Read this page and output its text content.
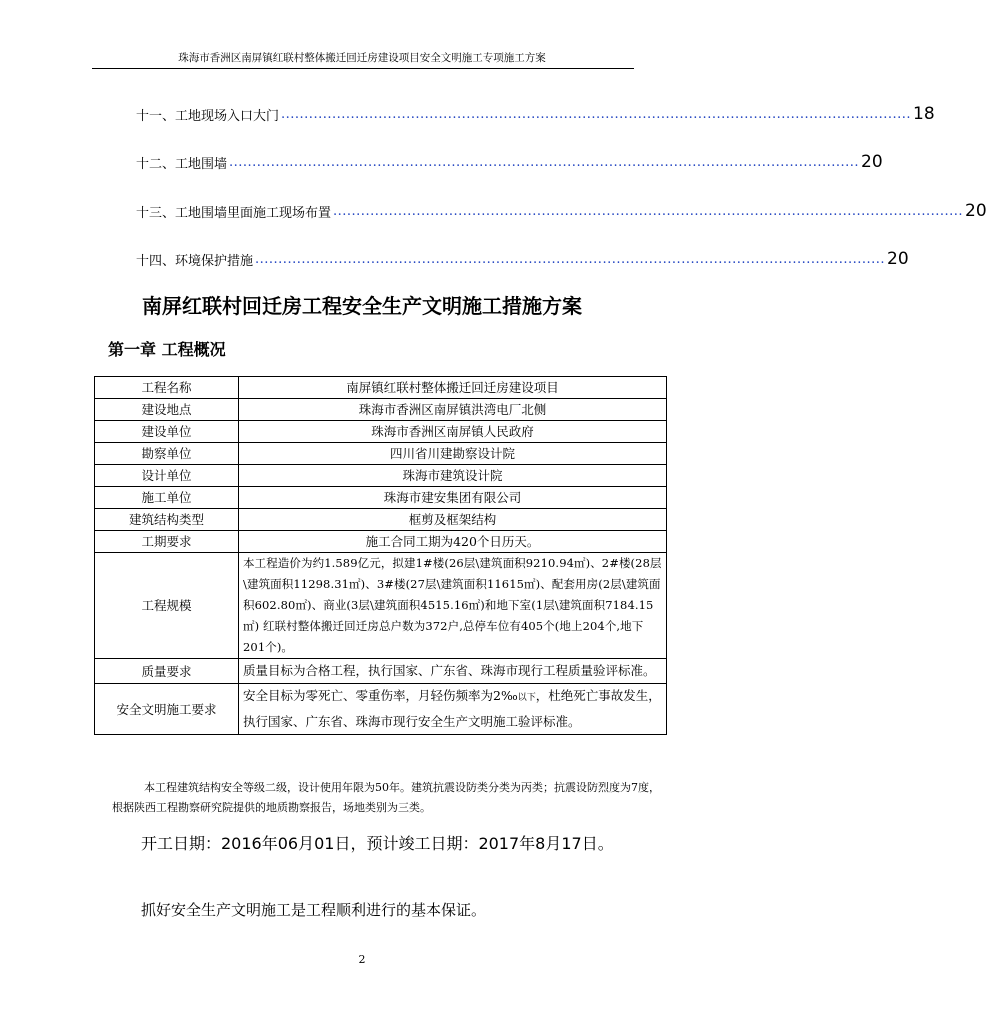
珠海市香洲区南屏镇红联村整体搬迁回迁房建设项目安全文明施工专项施工方案
十一、工地现场入口大门 ........................................................................................................................................ 18
十二、工地围墙 ........................................................................................................................................ 20
十三、工地围墙里面施工现场布置 ........................................................................................................................................ 20
十四、环境保护措施 ........................................................................................................................................ 20
南屏红联村回迁房工程安全生产文明施工措施方案
第一章 工程概况
工程名称	南屏镇红联村整体搬迁回迁房建设项目
建设地点	珠海市香洲区南屏镇洪湾电厂北侧
建设单位	珠海市香洲区南屏镇人民政府
勘察单位	四川省川建勘察设计院
设计单位	珠海市建筑设计院
施工单位	珠海市建安集团有限公司
建筑结构类型	框剪及框架结构
工期要求	施工合同工期为420个日历天。
工程规模	本工程造价为约1.589亿元，拟建1#楼(26层\建筑面积9210.94㎡)、2#楼(28层\建筑面积11298.31㎡)、3#楼(27层\建筑面积11615㎡)、配套用房(2层\建筑面积602.80㎡)、商业(3层\建筑面积4515.16㎡)和地下室(1层\建筑面积7184.15㎡) 红联村整体搬迁回迁房总户数为372户,总停车位有405个(地上204个,地下201个)。
质量要求	质量目标为合格工程，执行国家、广东省、珠海市现行工程质量验评标准。
安全文明施工要求	安全目标为零死亡、零重伤率，月轻伤频率为2‰以下，杜绝死亡事故发生，执行国家、广东省、珠海市现行安全生产文明施工验评标准。
本工程建筑结构安全等级二级，设计使用年限为50年。建筑抗震设防类分类为丙类；抗震设防烈度为7度，根据陕西工程勘察研究院提供的地质勘察报告，场地类别为三类。
开工日期：2016年06月01日，预计竣工日期：2017年8月17日。
抓好安全生产文明施工是工程顺利进行的基本保证。
2
